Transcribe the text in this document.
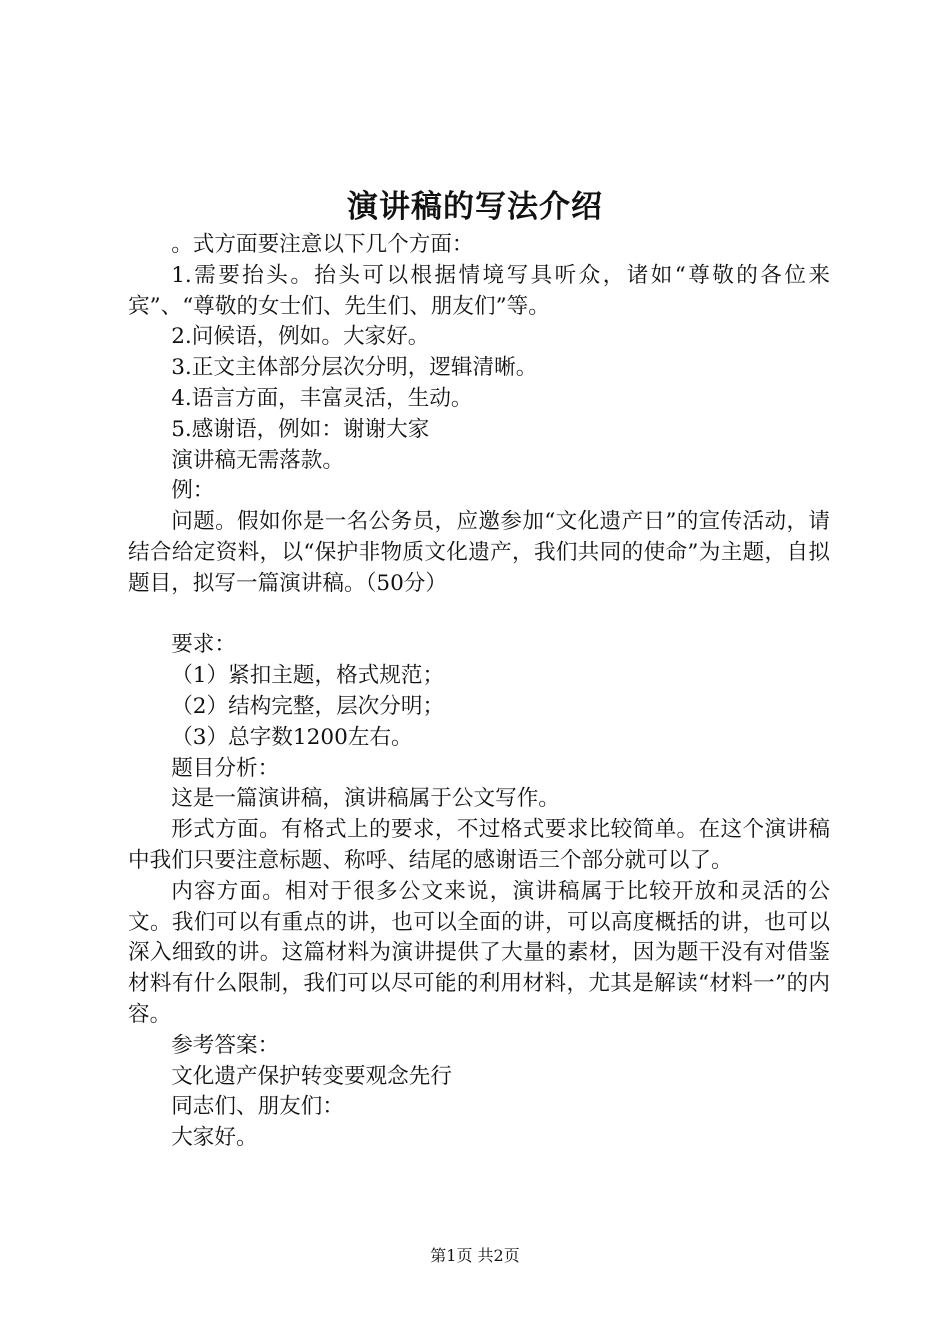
演讲稿的写法介绍

。式方面要注意以下几个方面：

1.需要抬头。抬头可以根据情境写具听众，诸如“尊敬的各位来宾”、“尊敬的女士们、先生们、朋友们”等。

2.问候语，例如。大家好。

3.正文主体部分层次分明，逻辑清晰。

4.语言方面，丰富灵活，生动。

5.感谢语，例如：谢谢大家

演讲稿无需落款。

例：

问题。假如你是一名公务员，应邀参加“文化遗产日”的宣传活动，请结合给定资料，以“保护非物质文化遗产，我们共同的使命”为主题，自拟题目，拟写一篇演讲稿。（50分）

要求：

（1）紧扣主题，格式规范；

（2）结构完整，层次分明；

（3）总字数1200左右。

题目分析：

这是一篇演讲稿，演讲稿属于公文写作。

形式方面。有格式上的要求，不过格式要求比较简单。在这个演讲稿中我们只要注意标题、称呼、结尾的感谢语三个部分就可以了。

内容方面。相对于很多公文来说，演讲稿属于比较开放和灵活的公文。我们可以有重点的讲，也可以全面的讲，可以高度概括的讲，也可以深入细致的讲。这篇材料为演讲提供了大量的素材，因为题干没有对借鉴材料有什么限制，我们可以尽可能的利用材料，尤其是解读“材料一”的内容。

参考答案：

文化遗产保护转变要观念先行

同志们、朋友们：

大家好。

第1页 共2页
